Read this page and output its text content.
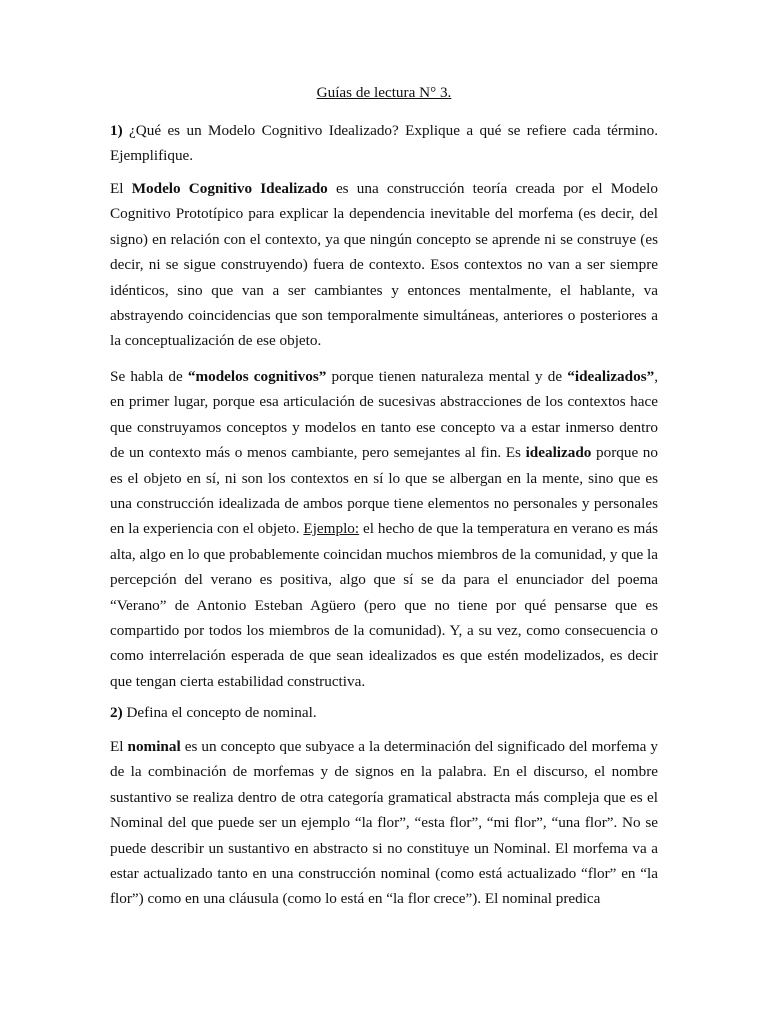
Guías de lectura N° 3.

1) ¿Qué es un Modelo Cognitivo Idealizado? Explique a qué se refiere cada término. Ejemplifique.

El Modelo Cognitivo Idealizado es una construcción teoría creada por el Modelo Cognitivo Prototípico para explicar la dependencia inevitable del morfema (es decir, del signo) en relación con el contexto, ya que ningún concepto se aprende ni se construye (es decir, ni se sigue construyendo) fuera de contexto. Esos contextos no van a ser siempre idénticos, sino que van a ser cambiantes y entonces mentalmente, el hablante, va abstrayendo coincidencias que son temporalmente simultáneas, anteriores o posteriores a la conceptualización de ese objeto.

Se habla de “modelos cognitivos” porque tienen naturaleza mental y de “idealizados”, en primer lugar, porque esa articulación de sucesivas abstracciones de los contextos hace que construyamos conceptos y modelos en tanto ese concepto va a estar inmerso dentro de un contexto más o menos cambiante, pero semejantes al fin. Es idealizado porque no es el objeto en sí, ni son los contextos en sí lo que se albergan en la mente, sino que es una construcción idealizada de ambos porque tiene elementos no personales y personales en la experiencia con el objeto. Ejemplo: el hecho de que la temperatura en verano es más alta, algo en lo que probablemente coincidan muchos miembros de la comunidad, y que la percepción del verano es positiva, algo que sí se da para el enunciador del poema “Verano” de Antonio Esteban Agüero (pero que no tiene por qué pensarse que es compartido por todos los miembros de la comunidad). Y, a su vez, como consecuencia o como interrelación esperada de que sean idealizados es que estén modelizados, es decir que tengan cierta estabilidad constructiva.

2) Defina el concepto de nominal.

El nominal es un concepto que subyace a la determinación del significado del morfema y de la combinación de morfemas y de signos en la palabra. En el discurso, el nombre sustantivo se realiza dentro de otra categoría gramatical abstracta más compleja que es el Nominal del que puede ser un ejemplo “la flor”, “esta flor”, “mi flor”, “una flor”. No se puede describir un sustantivo en abstracto si no constituye un Nominal. El morfema va a estar actualizado tanto en una construcción nominal (como está actualizado “flor” en “la flor”) como en una cláusula (como lo está en “la flor crece”). El nominal predica
